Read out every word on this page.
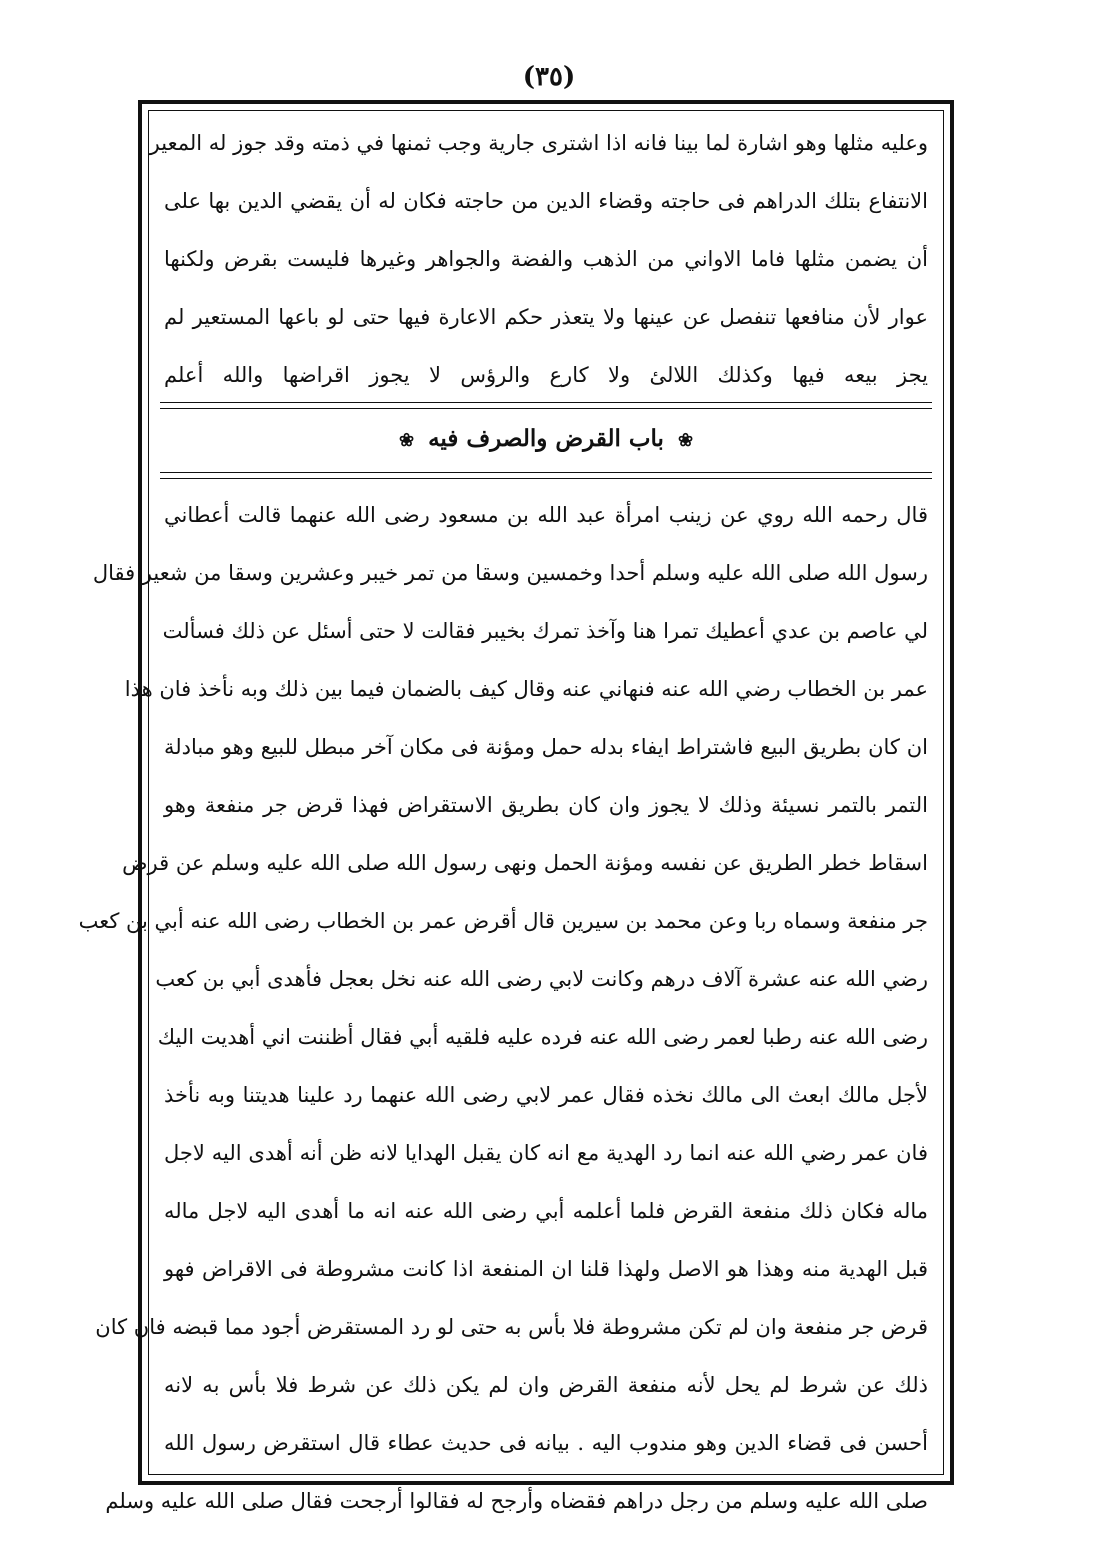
(٣٥)
وعليه مثلها وهو اشارة لما بينا فانه اذا اشترى جارية وجب ثمنها في ذمته وقد جوز له المعير
الانتفاع بتلك الدراهم فى حاجته وقضاء الدين من حاجته فكان له أن يقضي الدين بها على
أن يضمن مثلها فاما الاواني من الذهب والفضة والجواهر وغيرها فليست بقرض ولكنها
عوار لأن منافعها تنفصل عن عينها ولا يتعذر حكم الاعارة فيها حتى لو باعها المستعير لم
يجز بيعه فيها وكذلك اللالئ ولا كارع والرؤس لا يجوز اقراضها والله أعلم
❀ باب القرض والصرف فيه ❀
قال رحمه الله روي عن زينب امرأة عبد الله بن مسعود رضى الله عنهما قالت أعطاني
رسول الله صلى الله عليه وسلم أحدا وخمسين وسقا من تمر خيبر وعشرين وسقا من شعير فقال
لي عاصم بن عدي أعطيك تمرا هنا وآخذ تمرك بخيبر فقالت لا حتى أسئل عن ذلك فسألت
عمر بن الخطاب رضي الله عنه فنهاني عنه وقال كيف بالضمان فيما بين ذلك وبه نأخذ فان هذا
ان كان بطريق البيع فاشتراط ايفاء بدله حمل ومؤنة فى مكان آخر مبطل للبيع وهو مبادلة
التمر بالتمر نسيئة وذلك لا يجوز وان كان بطريق الاستقراض فهذا قرض جر منفعة وهو
اسقاط خطر الطريق عن نفسه ومؤنة الحمل ونهى رسول الله صلى الله عليه وسلم عن قرض
جر منفعة وسماه ربا وعن محمد بن سيرين قال أقرض عمر بن الخطاب رضى الله عنه أبي بن كعب
رضي الله عنه عشرة آلاف درهم وكانت لابي رضى الله عنه نخل بعجل فأهدى أبي بن كعب
رضى الله عنه رطبا لعمر رضى الله عنه فرده عليه فلقيه أبي فقال أظننت اني أهديت اليك
لأجل مالك ابعث الى مالك نخذه فقال عمر لابي رضى الله عنهما رد علينا هديتنا وبه نأخذ
فان عمر رضي الله عنه انما رد الهدية مع انه كان يقبل الهدايا لانه ظن أنه أهدى اليه لاجل
ماله فكان ذلك منفعة القرض فلما أعلمه أبي رضى الله عنه انه ما أهدى اليه لاجل ماله
قبل الهدية منه وهذا هو الاصل ولهذا قلنا ان المنفعة اذا كانت مشروطة فى الاقراض فهو
قرض جر منفعة وان لم تكن مشروطة فلا بأس به حتى لو رد المستقرض أجود مما قبضه فان كان
ذلك عن شرط لم يحل لأنه منفعة القرض وان لم يكن ذلك عن شرط فلا بأس به لانه
أحسن فى قضاء الدين وهو مندوب اليه . بيانه فى حديث عطاء قال استقرض رسول الله
صلى الله عليه وسلم من رجل دراهم فقضاه وأرجح له فقالوا أرجحت فقال صلى الله عليه وسلم
